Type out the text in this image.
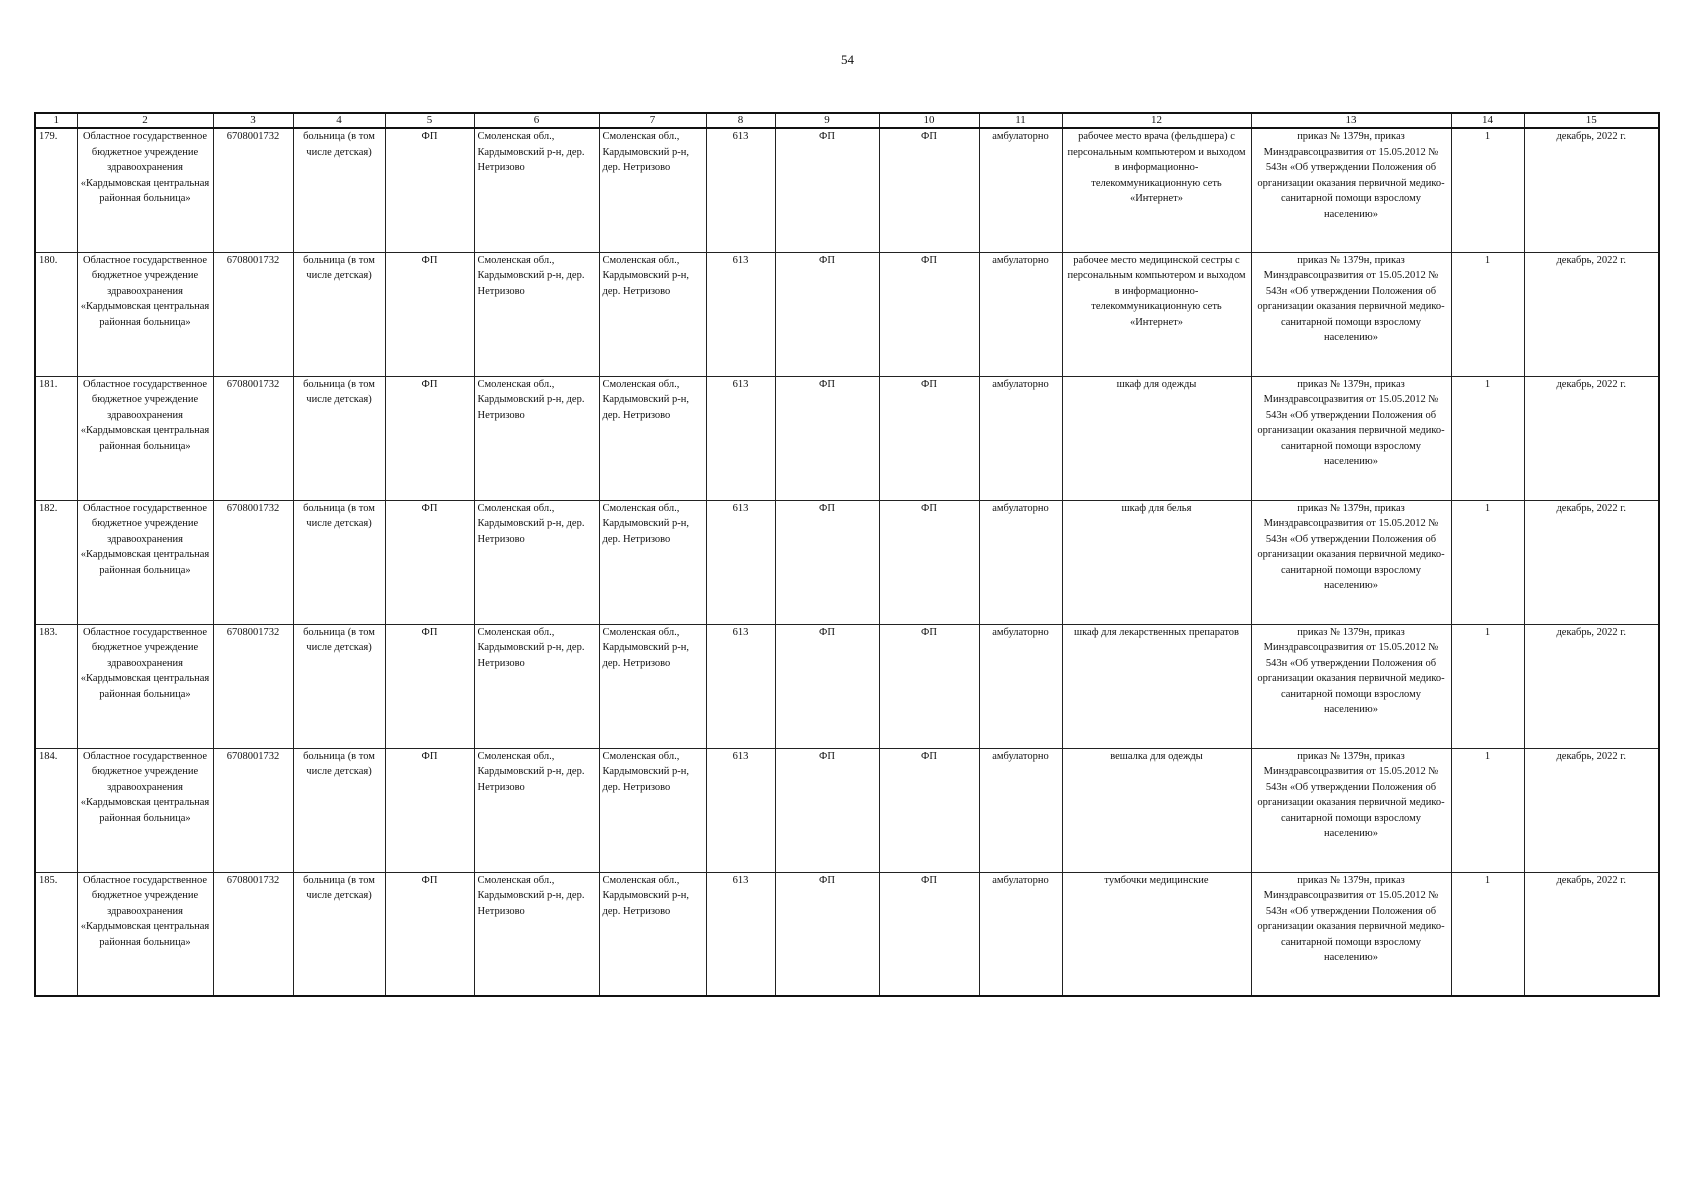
54
1	2	3	4	5	6	7	8	9	10	11	12	13	14	15
179.	Областное государственное бюджетное учреждение здравоохранения «Кардымовская центральная районная больница»	6708001732	больница (в том числе детская)	ФП	Смоленская обл., Кардымовский р-н, дер. Нетризово	Смоленская обл., Кардымовский р-н, дер. Нетризово	613	ФП	ФП	амбулаторно	рабочее место врача (фельдшера) с персональным компьютером и выходом в информационно-телекоммуникационную сеть «Интернет»	приказ № 1379н, приказ Минздравсоцразвития от 15.05.2012 № 543н «Об утверждении Положения об организации оказания первичной медико-санитарной помощи взрослому населению»	1	декабрь, 2022 г.
180.	Областное государственное бюджетное учреждение здравоохранения «Кардымовская центральная районная больница»	6708001732	больница (в том числе детская)	ФП	Смоленская обл., Кардымовский р-н, дер. Нетризово	Смоленская обл., Кардымовский р-н, дер. Нетризово	613	ФП	ФП	амбулаторно	рабочее место медицинской сестры с персональным компьютером и выходом в информационно-телекоммуникационную сеть «Интернет»	приказ № 1379н, приказ Минздравсоцразвития от 15.05.2012 № 543н «Об утверждении Положения об организации оказания первичной медико-санитарной помощи взрослому населению»	1	декабрь, 2022 г.
181.	Областное государственное бюджетное учреждение здравоохранения «Кардымовская центральная районная больница»	6708001732	больница (в том числе детская)	ФП	Смоленская обл., Кардымовский р-н, дер. Нетризово	Смоленская обл., Кардымовский р-н, дер. Нетризово	613	ФП	ФП	амбулаторно	шкаф для одежды	приказ № 1379н, приказ Минздравсоцразвития от 15.05.2012 № 543н «Об утверждении Положения об организации оказания первичной медико-санитарной помощи взрослому населению»	1	декабрь, 2022 г.
182.	Областное государственное бюджетное учреждение здравоохранения «Кардымовская центральная районная больница»	6708001732	больница (в том числе детская)	ФП	Смоленская обл., Кардымовский р-н, дер. Нетризово	Смоленская обл., Кардымовский р-н, дер. Нетризово	613	ФП	ФП	амбулаторно	шкаф для белья	приказ № 1379н, приказ Минздравсоцразвития от 15.05.2012 № 543н «Об утверждении Положения об организации оказания первичной медико-санитарной помощи взрослому населению»	1	декабрь, 2022 г.
183.	Областное государственное бюджетное учреждение здравоохранения «Кардымовская центральная районная больница»	6708001732	больница (в том числе детская)	ФП	Смоленская обл., Кардымовский р-н, дер. Нетризово	Смоленская обл., Кардымовский р-н, дер. Нетризово	613	ФП	ФП	амбулаторно	шкаф для лекарственных препаратов	приказ № 1379н, приказ Минздравсоцразвития от 15.05.2012 № 543н «Об утверждении Положения об организации оказания первичной медико-санитарной помощи взрослому населению»	1	декабрь, 2022 г.
184.	Областное государственное бюджетное учреждение здравоохранения «Кардымовская центральная районная больница»	6708001732	больница (в том числе детская)	ФП	Смоленская обл., Кардымовский р-н, дер. Нетризово	Смоленская обл., Кардымовский р-н, дер. Нетризово	613	ФП	ФП	амбулаторно	вешалка для одежды	приказ № 1379н, приказ Минздравсоцразвития от 15.05.2012 № 543н «Об утверждении Положения об организации оказания первичной медико-санитарной помощи взрослому населению»	1	декабрь, 2022 г.
185.	Областное государственное бюджетное учреждение здравоохранения «Кардымовская центральная районная больница»	6708001732	больница (в том числе детская)	ФП	Смоленская обл., Кардымовский р-н, дер. Нетризово	Смоленская обл., Кардымовский р-н, дер. Нетризово	613	ФП	ФП	амбулаторно	тумбочки медицинские	приказ № 1379н, приказ Минздравсоцразвития от 15.05.2012 № 543н «Об утверждении Положения об организации оказания первичной медико-санитарной помощи взрослому населению»	1	декабрь, 2022 г.
